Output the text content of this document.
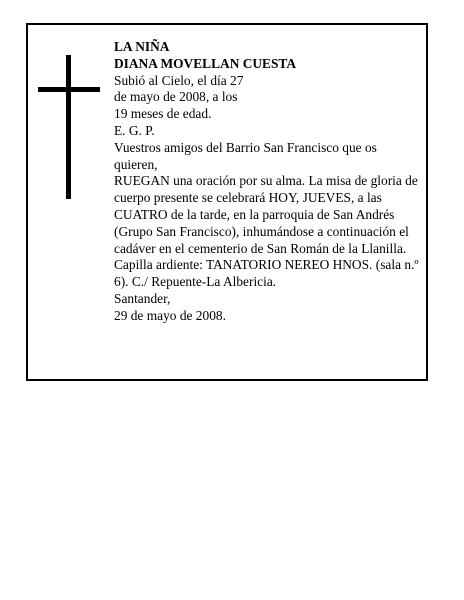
LA NIÑA

DIANA MOVELLAN CUESTA

Subió al Cielo, el día 27

de mayo de 2008, a los

19 meses de edad.

E. G. P.

Vuestros amigos del Barrio San Francisco que os

quieren,

RUEGAN una oración por su alma. La misa de gloria de cuerpo presente se celebrará HOY, JUEVES, a las CUATRO de la tarde, en la parroquia de San Andrés (Grupo San Francisco), inhumándose a continuación el cadáver en el cementerio de San Román de la Llanilla.

Capilla ardiente: TANATORIO NEREO HNOS. (sala n.º 6). C./ Repuente-La Albericia.

Santander,

29 de mayo de 2008.
